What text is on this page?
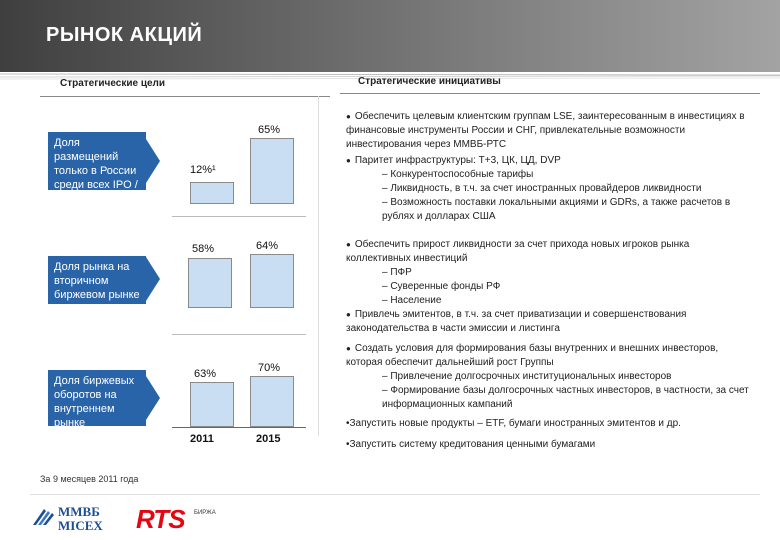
РЫНОК АКЦИЙ
Стратегические цели
Доля размещений только в России среди всех IPO / SPO
Доля рынка на вторичном биржевом рынке
Доля биржевых оборотов на внутреннем рынке
12%¹
65%
58%	64%
63%	70%
2011	2015
За 9 месяцев 2011 года
Стратегические инициативы
● Обеспечить целевым клиентским группам LSE, заинтересованным в инвестициях в финансовые инструменты России и СНГ, привлекательные возможности инвестирования через ММВБ-РТС
● Паритет инфраструктуры: Т+3, ЦК, ЦД, DVP
– Конкурентоспособные тарифы
– Ликвидность, в т.ч. за счет иностранных провайдеров ликвидности
– Возможность поставки локальными акциями и GDRs, а также расчетов в рублях и долларах США
● Обеспечить прирост ликвидности за счет прихода новых игроков рынка коллективных инвестиций
– ПФР
– Суверенные фонды РФ
– Население
● Привлечь эмитентов, в т.ч. за счет приватизации и совершенствования законодательства в части эмиссии и листинга
● Создать условия для формирования базы внутренних и внешних инвесторов, которая обеспечит дальнейший рост Группы
– Привлечение долгосрочных институциональных инвесторов
– Формирование базы долгосрочных частных инвесторов, в частности, за счет информационных кампаний
•Запустить новые продукты – ETF, бумаги иностранных эмитентов и др.
•Запустить систему кредитования ценными бумагами
ММВБ
MICEX RTS БИРЖА
